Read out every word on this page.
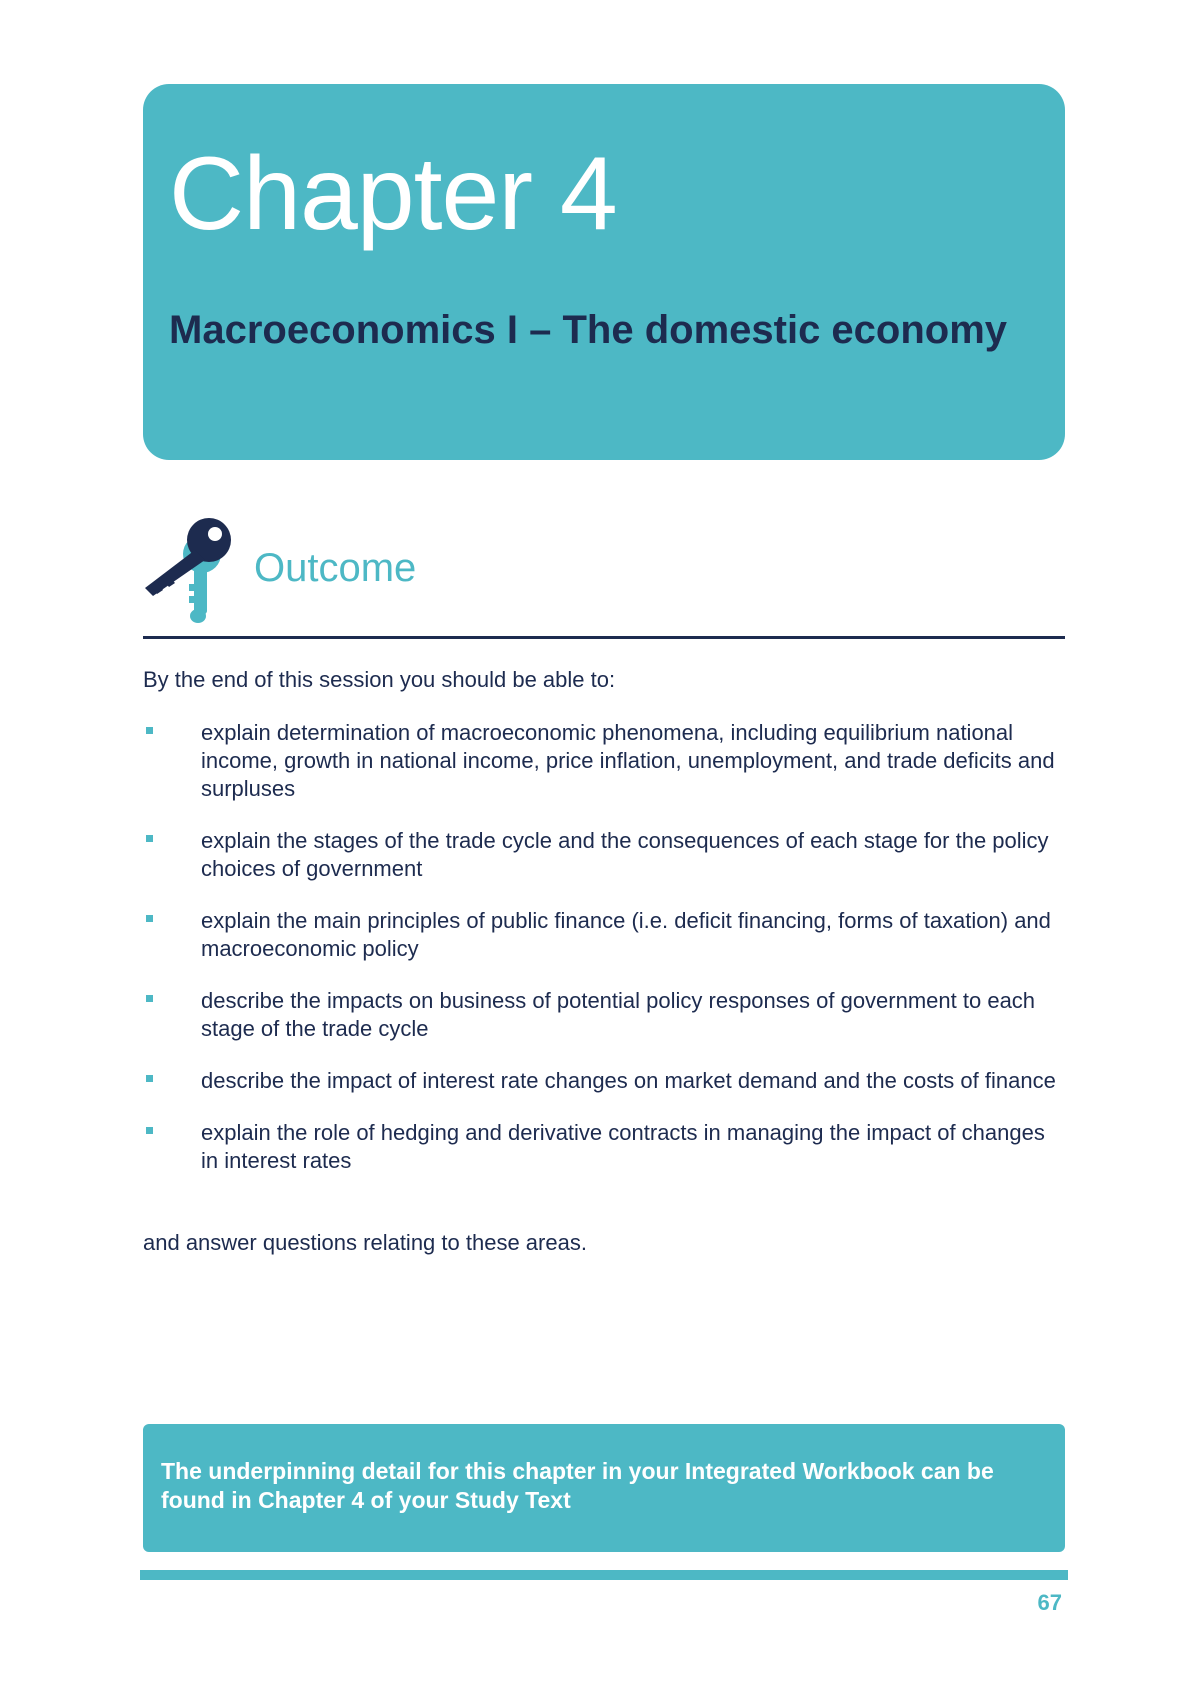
Chapter 4
Macroeconomics I – The domestic economy
Outcome
By the end of this session you should be able to:
explain determination of macroeconomic phenomena, including equilibrium national income, growth in national income, price inflation, unemployment, and trade deficits and surpluses
explain the stages of the trade cycle and the consequences of each stage for the policy choices of government
explain the main principles of public finance (i.e. deficit financing, forms of taxation) and macroeconomic policy
describe the impacts on business of potential policy responses of government to each stage of the trade cycle
describe the impact of interest rate changes on market demand and the costs of finance
explain the role of hedging and derivative contracts in managing the impact of changes in interest rates
and answer questions relating to these areas.

The underpinning detail for this chapter in your Integrated Workbook can be found in Chapter 4 of your Study Text

67
